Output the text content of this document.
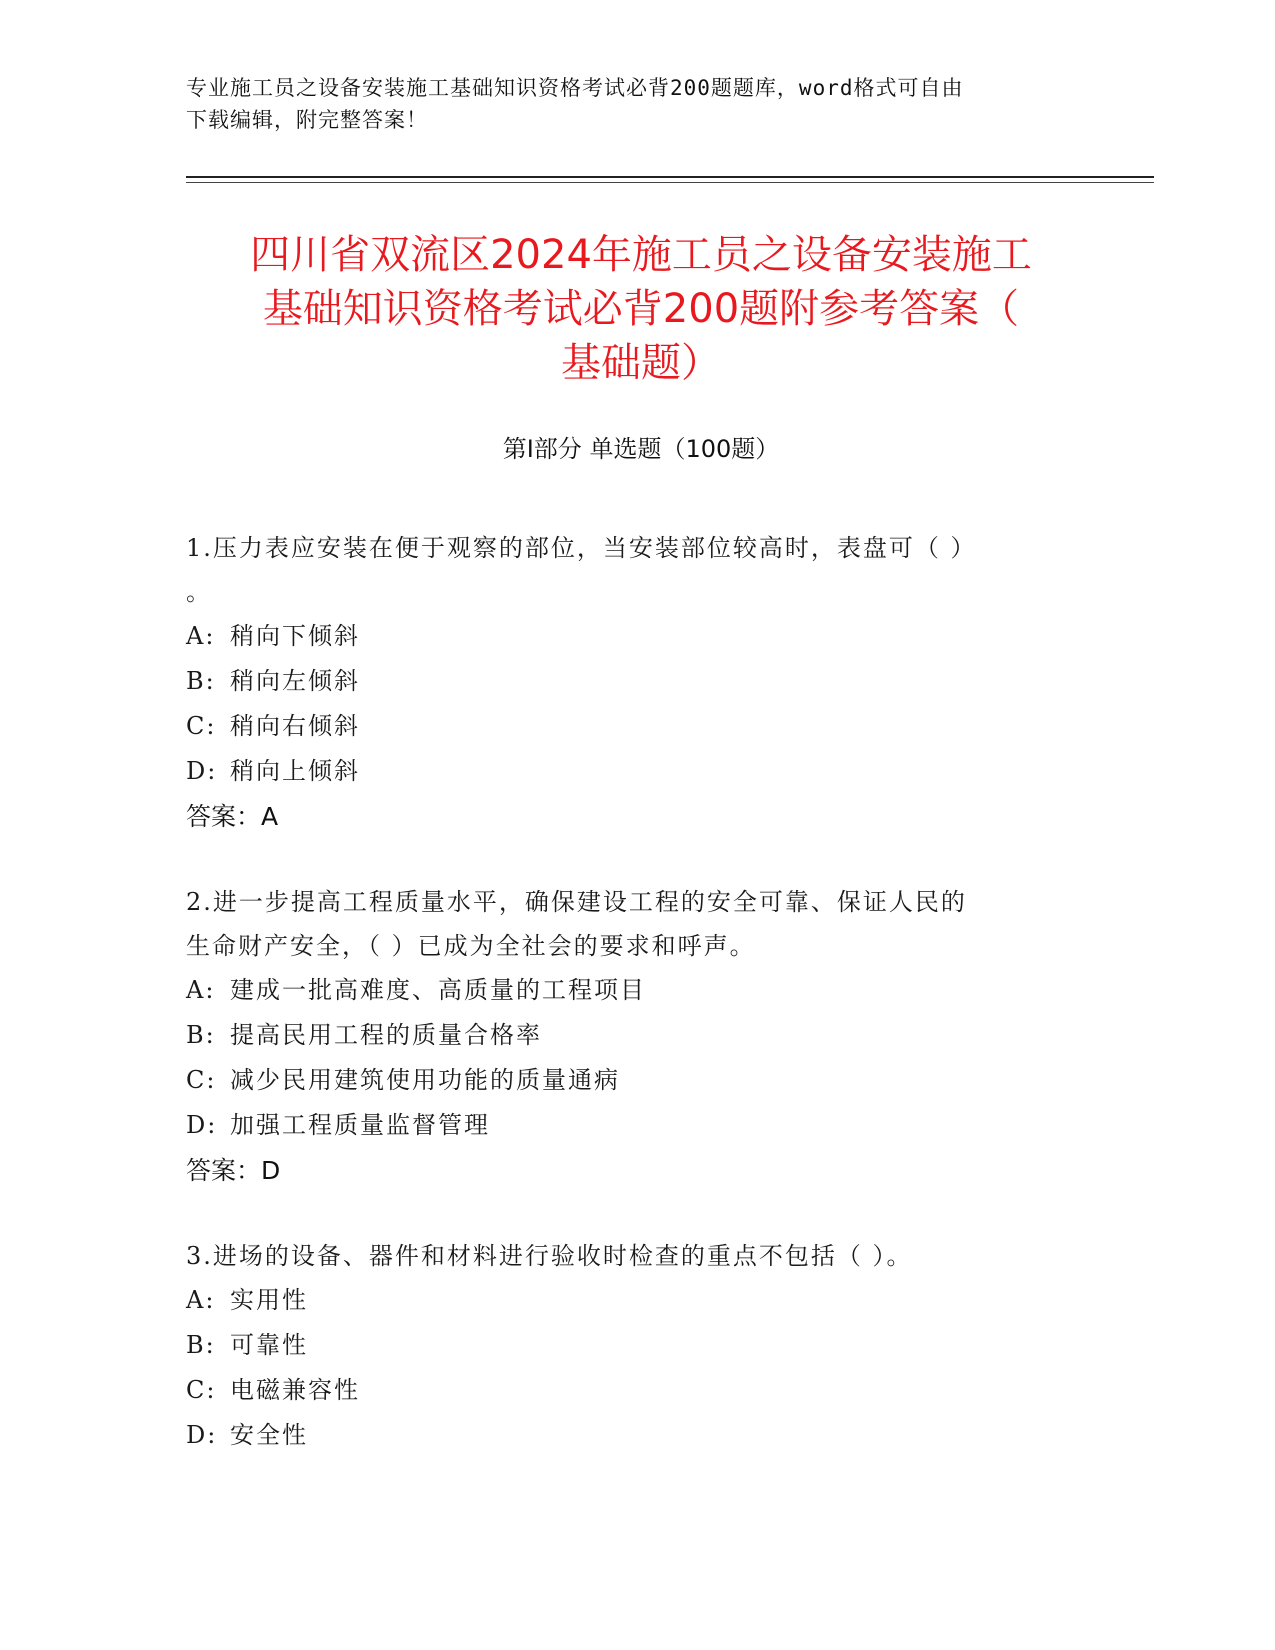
专业施工员之设备安装施工基础知识资格考试必背200题题库，word格式可自由
下载编辑，附完整答案！
四川省双流区2024年施工员之设备安装施工
基础知识资格考试必背200题附参考答案（
基础题）
第Ⅰ部分 单选题（100题）
1.压力表应安装在便于观察的部位，当安装部位较高时，表盘可（ ）
。
A: 稍向下倾斜
B: 稍向左倾斜
C: 稍向右倾斜
D: 稍向上倾斜
答案：A
2.进一步提高工程质量水平，确保建设工程的安全可靠、保证人民的
生命财产安全，（ ）已成为全社会的要求和呼声。
A: 建成一批高难度、高质量的工程项目
B: 提高民用工程的质量合格率
C: 减少民用建筑使用功能的质量通病
D: 加强工程质量监督管理
答案：D
3.进场的设备、器件和材料进行验收时检查的重点不包括（ ）。
A: 实用性
B: 可靠性
C: 电磁兼容性
D: 安全性
